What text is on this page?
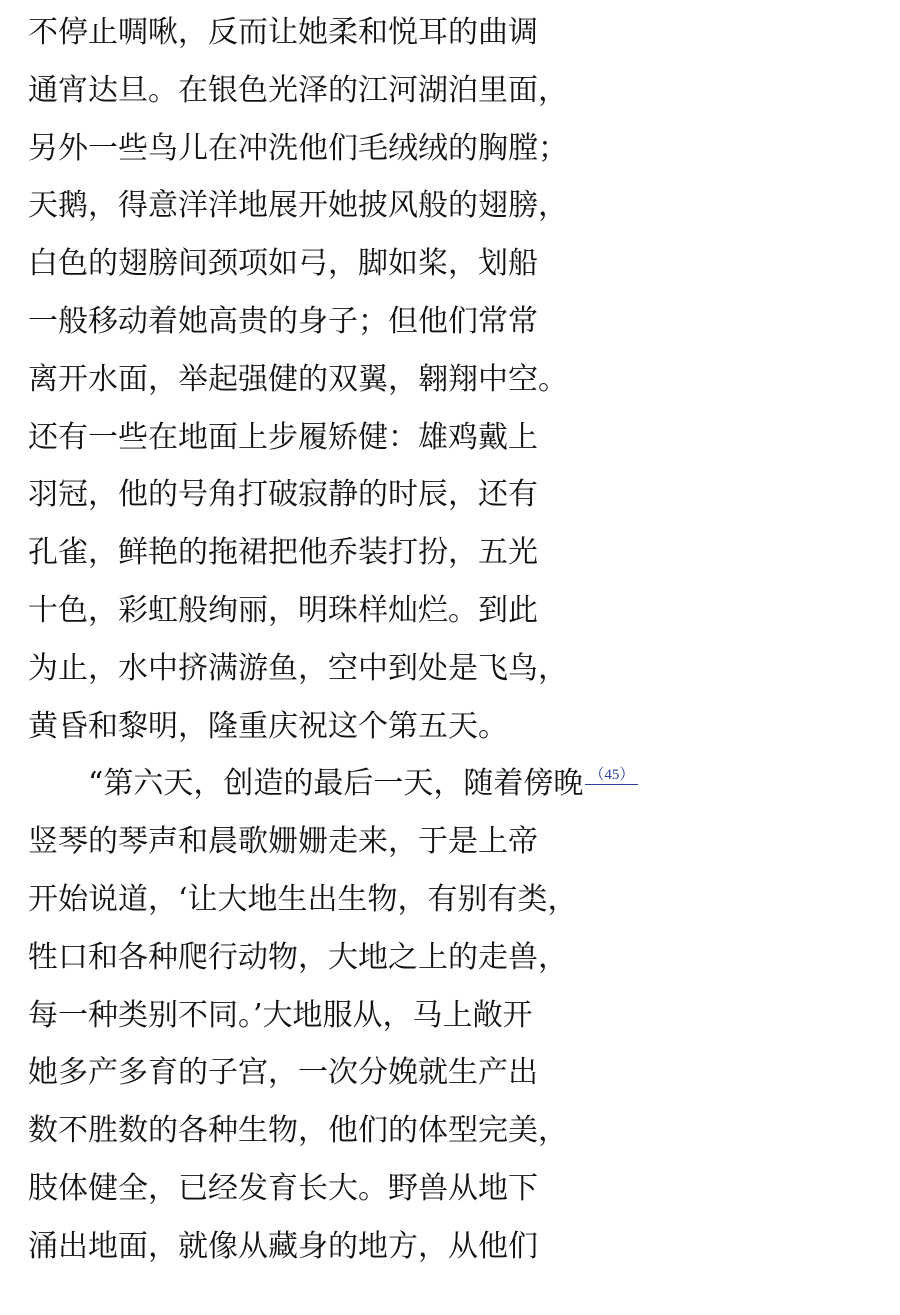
不停止啁啾，反而让她柔和悦耳的曲调
通宵达旦。在银色光泽的江河湖泊里面，
另外一些鸟儿在冲洗他们毛绒绒的胸膛；
天鹅，得意洋洋地展开她披风般的翅膀，
白色的翅膀间颈项如弓，脚如桨，划船
一般移动着她高贵的身子；但他们常常
离开水面，举起强健的双翼，翱翔中空。
还有一些在地面上步履矫健：雄鸡戴上
羽冠，他的号角打破寂静的时辰，还有
孔雀，鲜艳的拖裙把他乔装打扮，五光
十色，彩虹般绚丽，明珠样灿烂。到此
为止，水中挤满游鱼，空中到处是飞鸟，
黄昏和黎明，隆重庆祝这个第五天。
“第六天，创造的最后一天，随着傍晚 （45）
竖琴的琴声和晨歌姗姗走来，于是上帝
开始说道，‘让大地生出生物，有别有类，
牲口和各种爬行动物，大地之上的走兽，
每一种类别不同。’大地服从，马上敞开
她多产多育的子宫，一次分娩就生产出
数不胜数的各种生物，他们的体型完美，
肢体健全，已经发育长大。野兽从地下
涌出地面，就像从藏身的地方，从他们
